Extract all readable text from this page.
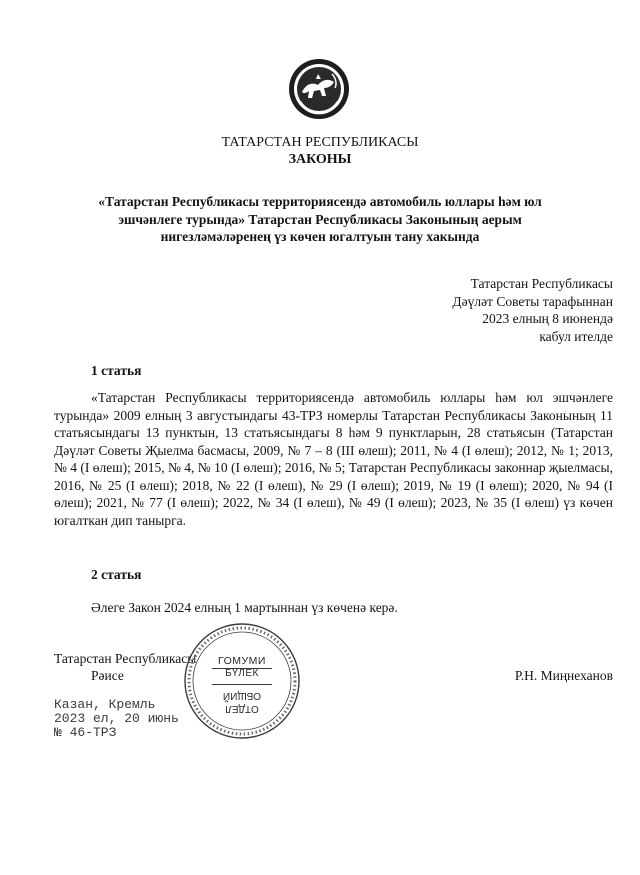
ТАТАРСТАН РЕСПУБЛИКАСЫ
ЗАКОНЫ
«Татарстан Республикасы территориясендә автомобиль юллары һәм юл
эшчәнлеге турында» Татарстан Республикасы Законының аерым
нигезләмәләренең үз көчен югалтуын тану хакында
Татарстан Республикасы
Дәүләт Советы тарафыннан
2023 елның 8 июнендә
кабул ителде
1 статья
«Татарстан Республикасы территориясендә автомобиль юллары һәм юл эшчәнлеге турында» 2009 елның 3 августындагы 43-ТРЗ номерлы Татарстан Республикасы Законының 11 статьясындагы 13 пунктын, 13 статьясындагы 8 һәм 9 пунктларын, 28 статьясын (Татарстан Дәүләт Советы Җыелма басмасы, 2009, № 7 – 8 (III өлеш); 2011, № 4 (I өлеш); 2012, № 1; 2013, № 4 (I өлеш); 2015, № 4, № 10 (I өлеш); 2016, № 5; Татарстан Республикасы законнар җыелмасы, 2016, № 25 (I өлеш); 2018, № 22 (I өлеш), № 29 (I өлеш); 2019, № 19 (I өлеш); 2020, № 94 (I өлеш); 2021, № 77 (I өлеш); 2022, № 34 (I өлеш), № 49 (I өлеш); 2023, № 35 (I өлеш) үз көчен югалткан дип танырга.
2 статья
Әлеге Закон 2024 елның 1 мартыннан үз көченә керә.
Татарстан Республикасы
Рәисе	Р.Н. Миңнеханов
Казан, Кремль
2023 ел, 20 июнь
№ 46-ТРЗ
ГОМУМИ
БҮЛЕК
ОБЩИЙ
ОТДЕЛ
